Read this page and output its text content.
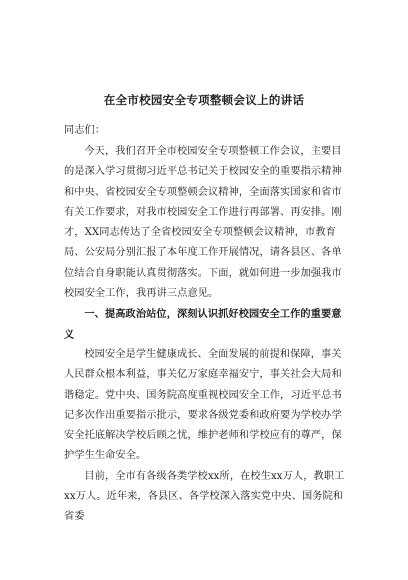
在全市校园安全专项整顿会议上的讲话
同志们：

今天，我们召开全市校园安全专项整顿工作会议，主要目的是深入学习贯彻习近平总书记关于校园安全的重要指示精神和中央、省校园安全专项整顿会议精神，全面落实国家和省市有关工作要求，对我市校园安全工作进行再部署、再安排。刚才，XX同志传达了全省校园安全专项整顿会议精神，市教育局、公安局分别汇报了本年度工作开展情况，请各县区、各单位结合自身职能认真贯彻落实。下面，就如何进一步加强我市校园安全工作，我再讲三点意见。

一、提高政治站位，深刻认识抓好校园安全工作的重要意义

校园安全是学生健康成长、全面发展的前提和保障，事关人民群众根本利益，事关亿万家庭幸福安宁，事关社会大局和谐稳定。党中央、国务院高度重视校园安全工作，习近平总书记多次作出重要指示批示，要求各级党委和政府要为学校办学安全托底解决学校后顾之忧，维护老师和学校应有的尊严，保护学生生命安全。

目前，全市有各级各类学校xx所，在校生xx万人，教职工xx万人。近年来，各县区、各学校深入落实党中央、国务院和省委
